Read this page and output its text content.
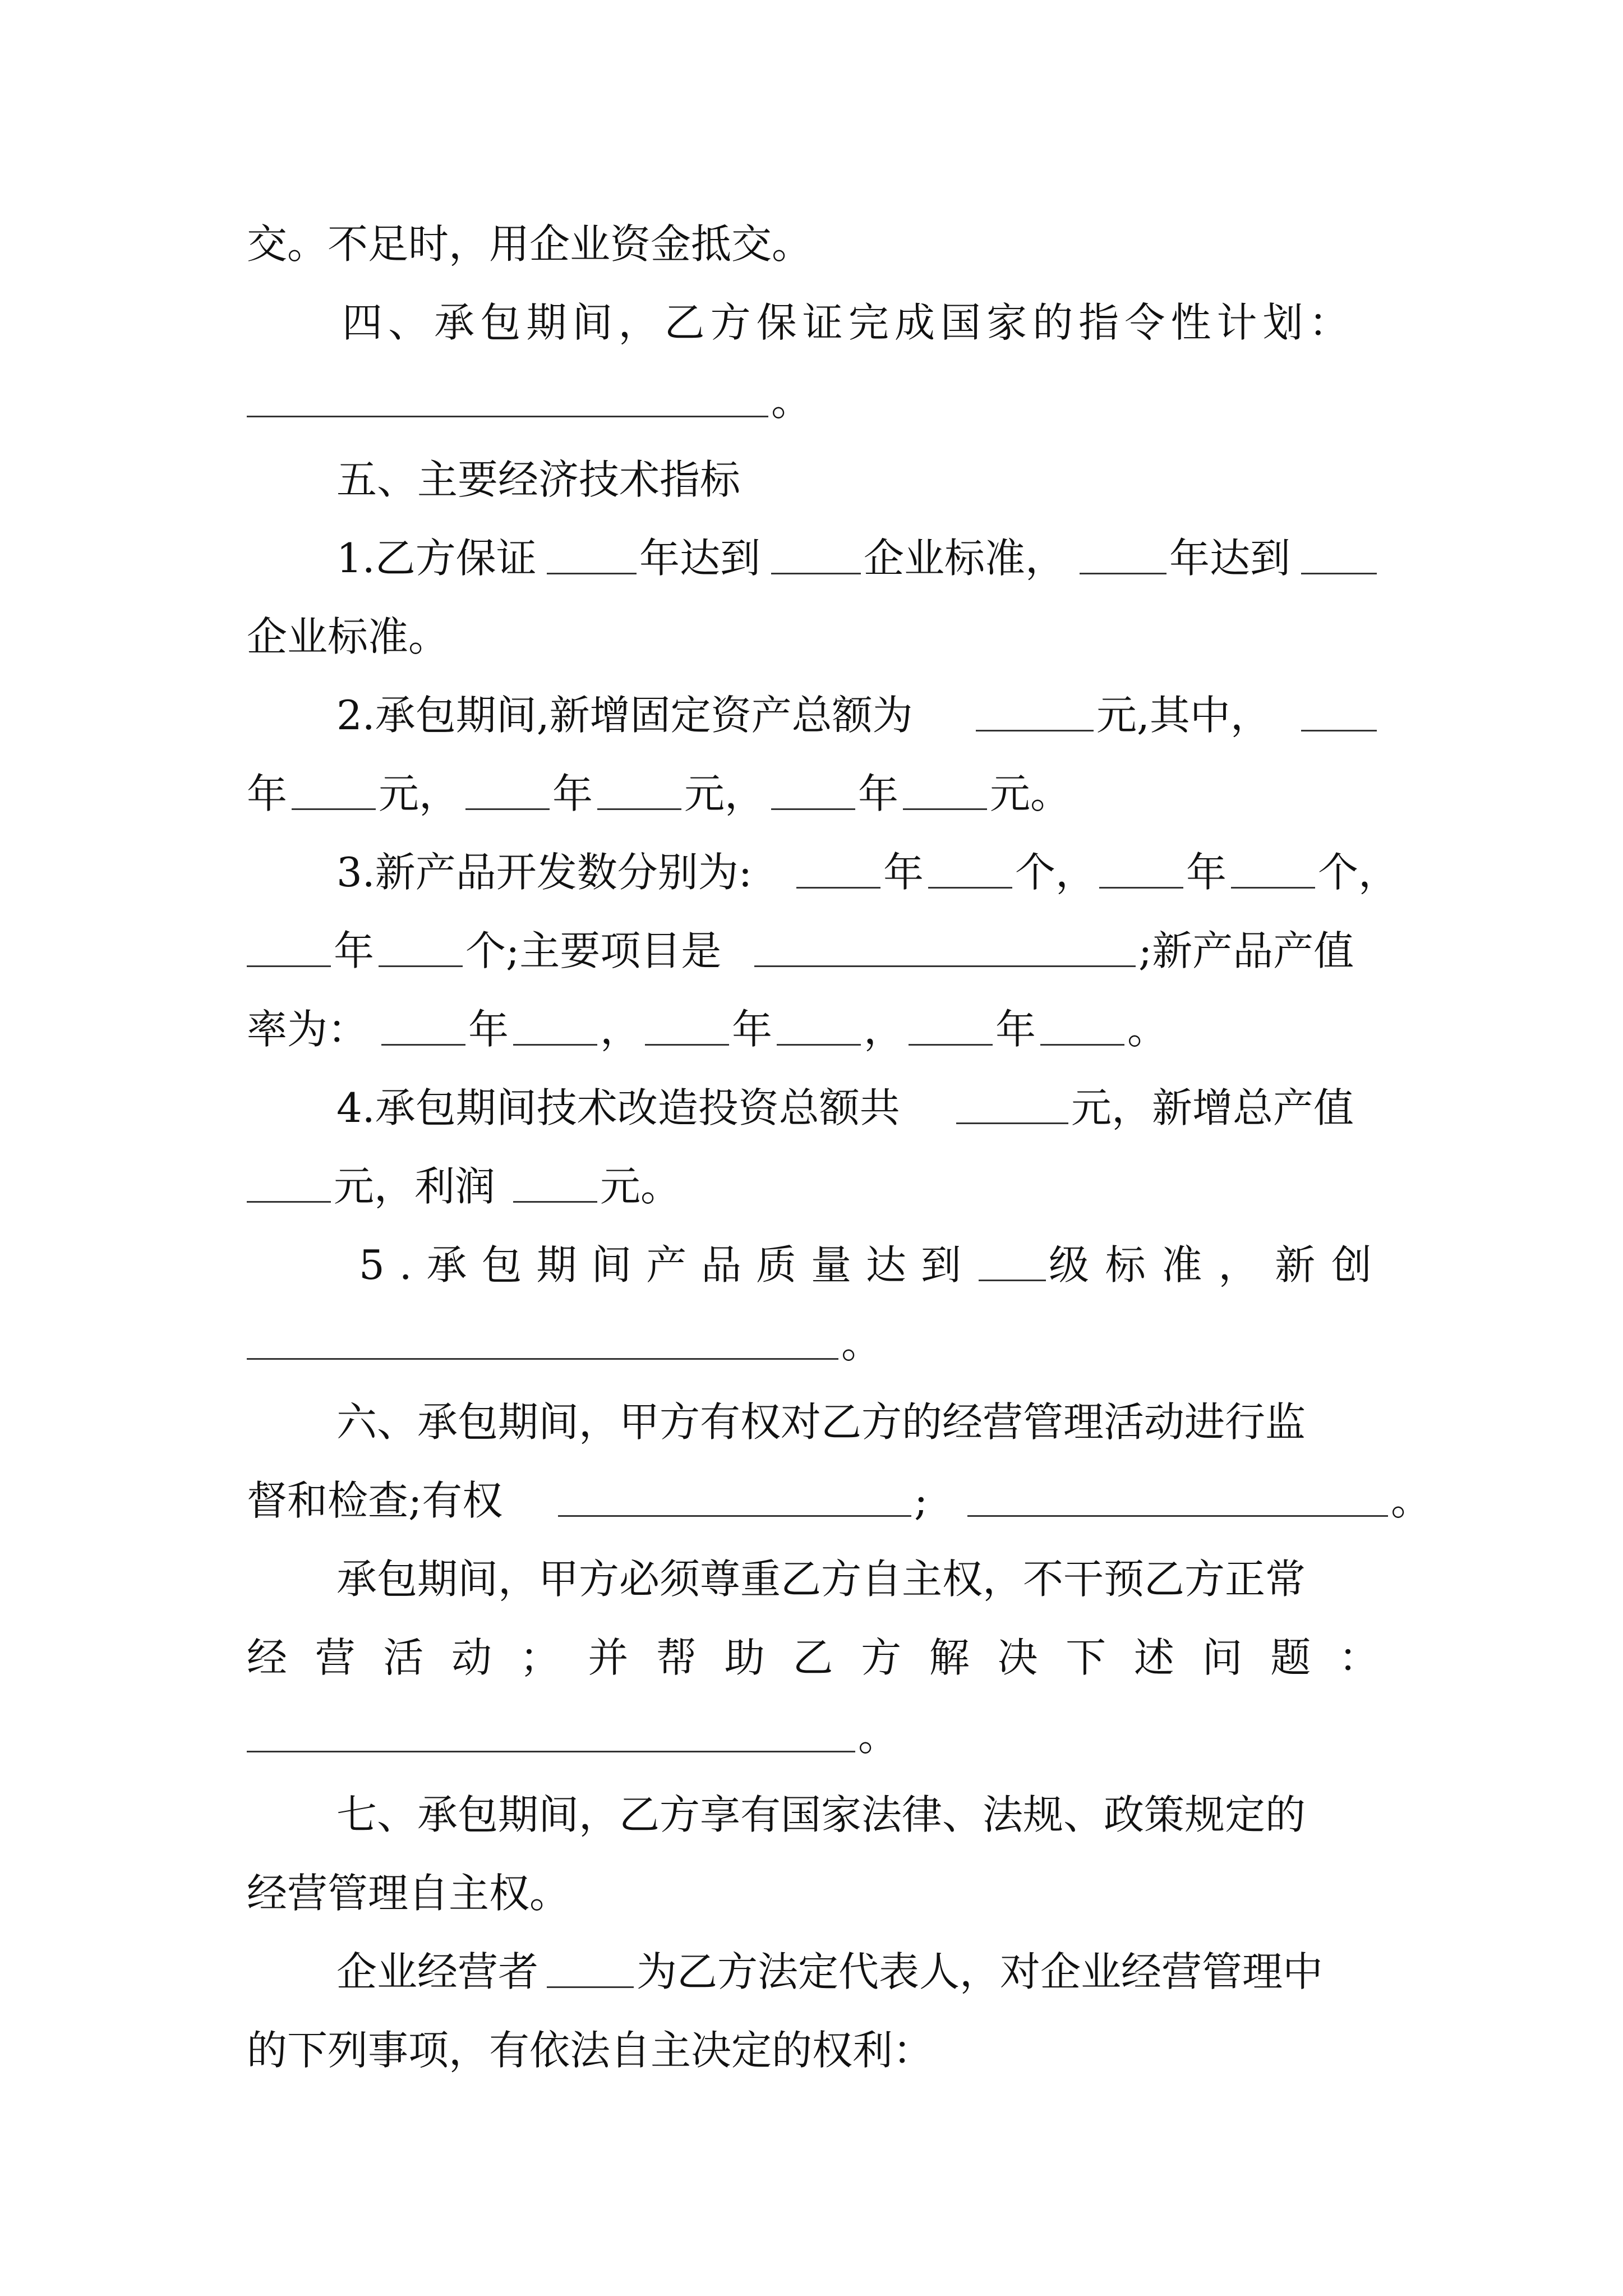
交。不足时，用企业资金抵交。
四、承包期间，乙方保证完成国家的指令性计划：
。
五、主要经济技术指标
1.乙方保证	年达到	企业标准，	年达到
企业标准。
2.承包期间,新增固定资产总额为	元,其中，
年 元， 年 元， 年 元。
3.新产品开发数分别为:	年 个， 年 个，
年 个;主要项目是	;新产品产值
率为： 年 ， 年 ， 年 。
4.承包期间技术改造投资总额共	元，新增总产值
元，利润	元。
5.承包期间产品质量达到 级标准，新创
。
六、承包期间，甲方有权对乙方的经营管理活动进行监
督和检查;有权	;	。
承包期间，甲方必须尊重乙方自主权，不干预乙方正常
经营活动；并帮助乙方解决下述问题：
。
七、承包期间，乙方享有国家法律、法规、政策规定的
经营管理自主权。
企业经营者 为乙方法定代表人，对企业经营管理中
的下列事项，有依法自主决定的权利：
